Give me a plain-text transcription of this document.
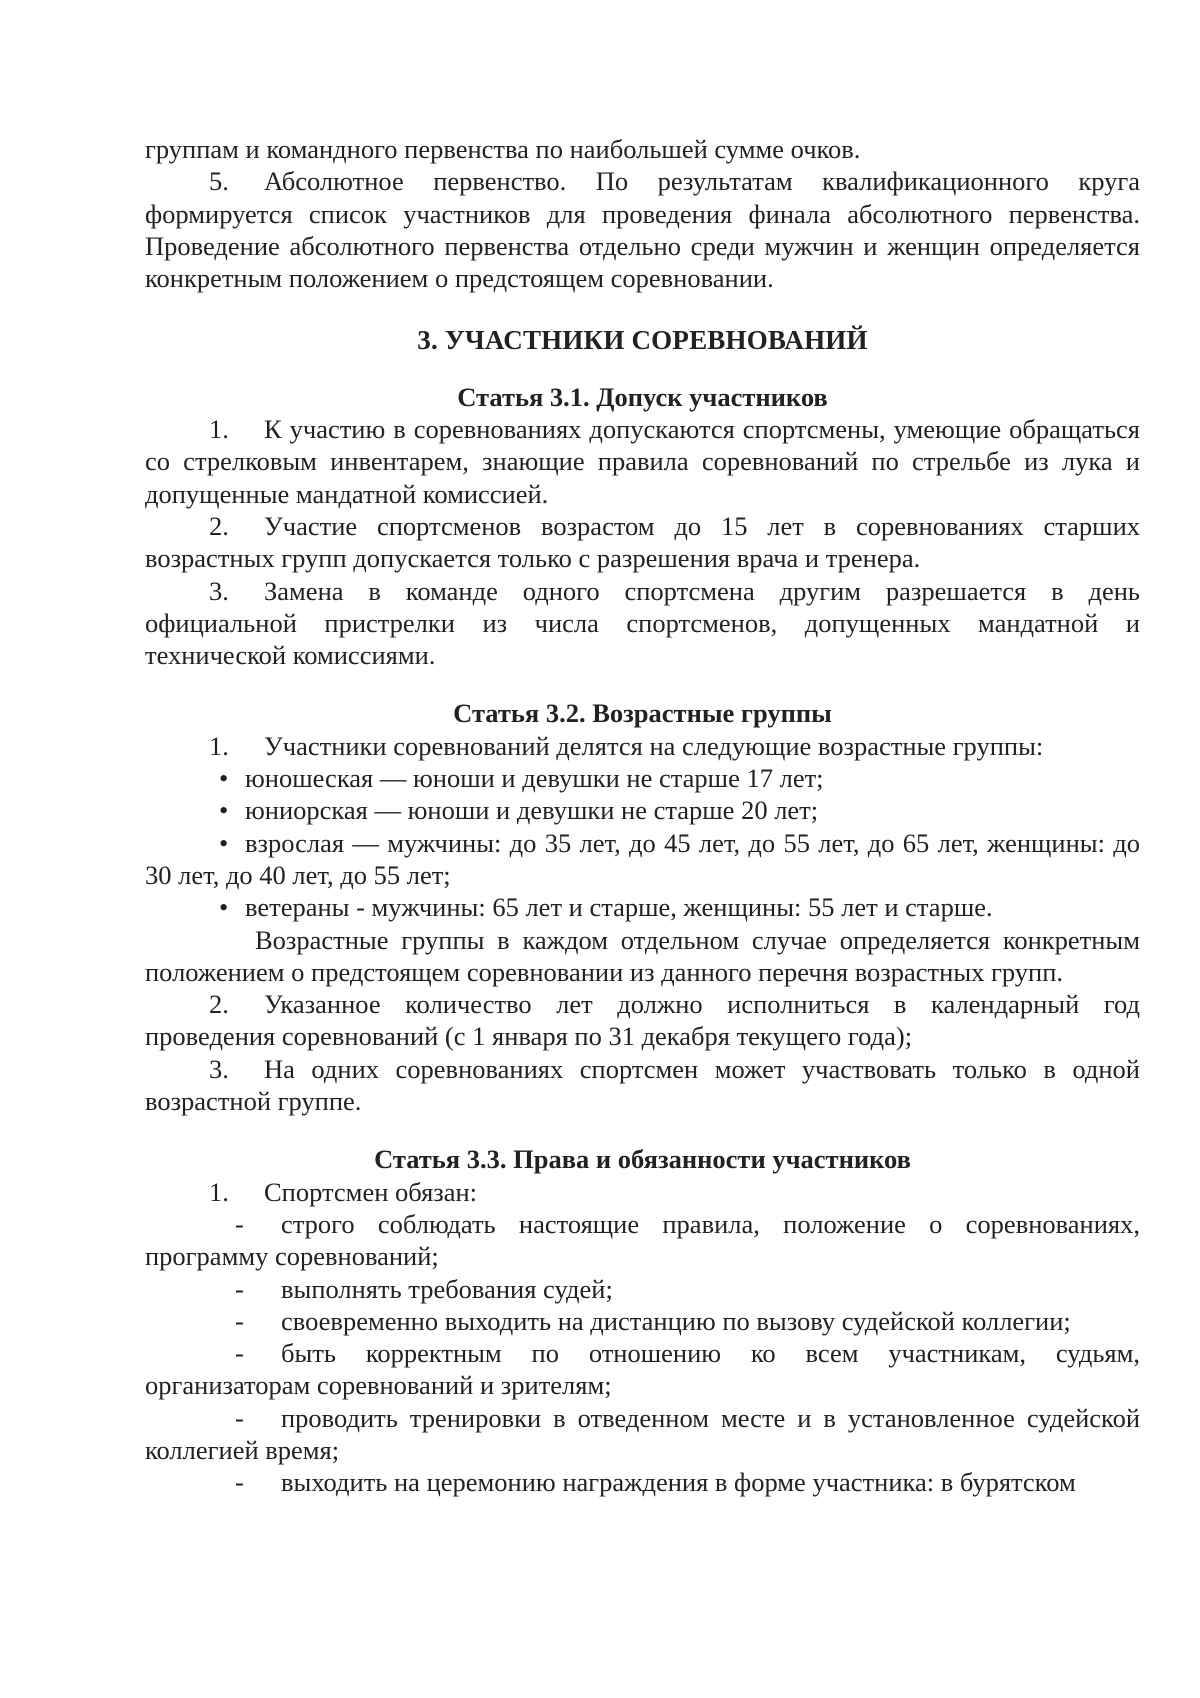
группам и командного первенства по наибольшей сумме очков.

5. Абсолютное первенство. По результатам квалификационного круга формируется список участников для проведения финала абсолютного первенства. Проведение абсолютного первенства отдельно среди мужчин и женщин определяется конкретным положением о предстоящем соревновании.

3. УЧАСТНИКИ СОРЕВНОВАНИЙ

Статья 3.1. Допуск участников

1. К участию в соревнованиях допускаются спортсмены, умеющие обращаться со стрелковым инвентарем, знающие правила соревнований по стрельбе из лука и допущенные мандатной комиссией.

2. Участие спортсменов возрастом до 15 лет в соревнованиях старших возрастных групп допускается только с разрешения врача и тренера.

3. Замена в команде одного спортсмена другим разрешается в день официальной пристрелки из числа спортсменов, допущенных мандатной и технической комиссиями.

Статья 3.2. Возрастные группы

1. Участники соревнований делятся на следующие возрастные группы:

• юношеская — юноши и девушки не старше 17 лет;

• юниорская — юноши и девушки не старше 20 лет;

• взрослая — мужчины: до 35 лет, до 45 лет, до 55 лет, до 65 лет, женщины: до 30 лет, до 40 лет, до 55 лет;

• ветераны - мужчины: 65 лет и старше, женщины: 55 лет и старше.

Возрастные группы в каждом отдельном случае определяется конкретным положением о предстоящем соревновании из данного перечня возрастных групп.

2. Указанное количество лет должно исполниться в календарный год проведения соревнований (с 1 января по 31 декабря текущего года);

3. На одних соревнованиях спортсмен может участвовать только в одной возрастной группе.

Статья 3.3. Права и обязанности участников

1. Спортсмен обязан:

- строго соблюдать настоящие правила, положение о соревнованиях, программу соревнований;

- выполнять требования судей;

- своевременно выходить на дистанцию по вызову судейской коллегии;

- быть корректным по отношению ко всем участникам, судьям, организаторам соревнований и зрителям;

- проводить тренировки в отведенном месте и в установленное судейской коллегией время;

- выходить на церемонию награждения в форме участника: в бурятском
